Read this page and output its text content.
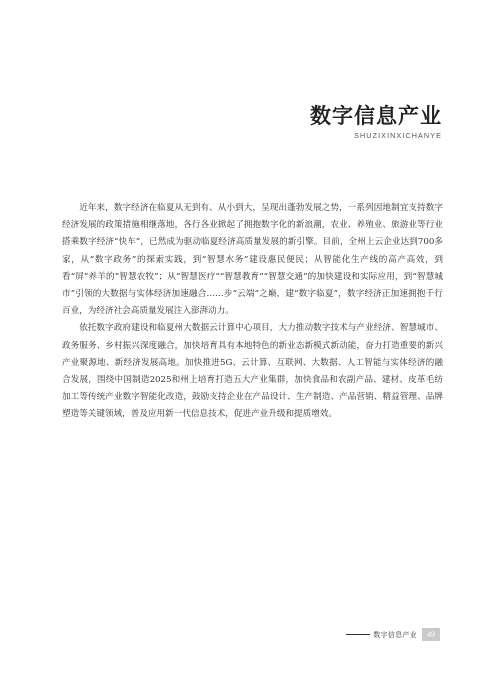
数字信息产业
SHUZIXINXICHANYE

近年来，数字经济在临夏从无到有、从小到大，呈现出蓬勃发展之势，一系列因地制宜支持数字经济发展的政策措施相继落地，各行各业掀起了拥抱数字化的新浪潮，农业、养殖业、旅游业等行业搭乘数字经济“快车”，已然成为驱动临夏经济高质量发展的新引擎。目前，全州上云企业达到700多家，从“数字政务”的探索实践，到“智慧水务”建设惠民便民；从智能化生产线的高产高效，到看“屏”养羊的“智慧农牧”；从“智慧医疗”“智慧教育”“智慧交通”的加快建设和实际应用，到“智慧城市”引领的大数据与实体经济加速融合……步“云端”之巅，建“数字临夏”，数字经济正加速拥抱千行百业，为经济社会高质量发展注入澎湃动力。

依托数字政府建设和临夏州大数据云计算中心项目，大力推动数字技术与产业经济、智慧城市、政务服务、乡村振兴深度融合，加快培育具有本地特色的新业态新模式新动能，奋力打造重要的新兴产业聚源地、新经济发展高地。加快推进5G、云计算、互联网、大数据、人工智能与实体经济的融合发展，围绕中国制造2025和州上培育打造五大产业集群，加快食品和农副产品、建材、皮革毛纺加工等传统产业数字智能化改造，鼓励支持企业在产品设计、生产制造、产品营销、精益管理、品牌塑造等关键领域，普及应用新一代信息技术，促进产业升级和提质增效。

数字信息产业	49
